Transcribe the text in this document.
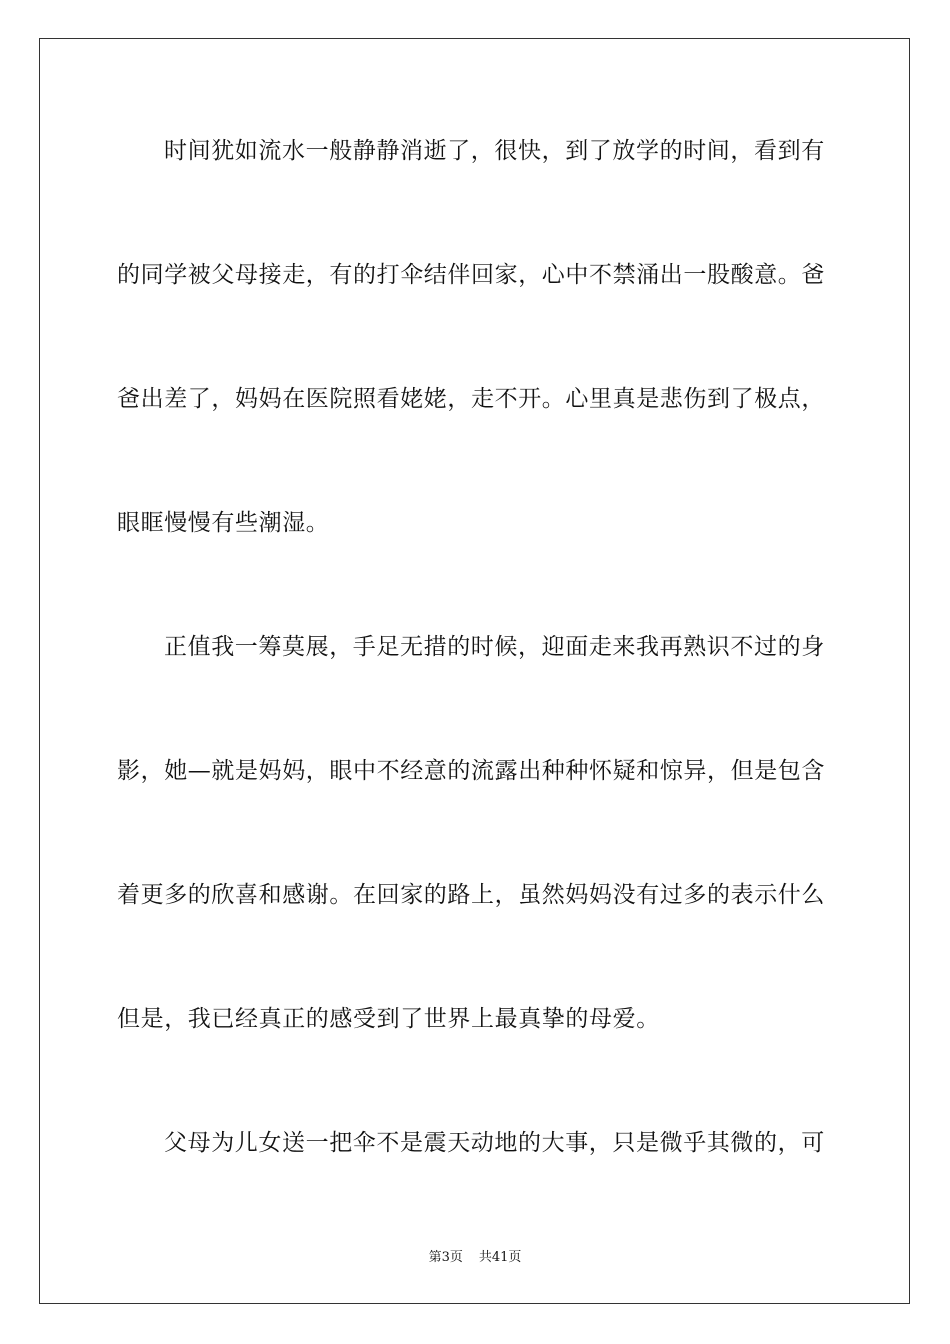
时间犹如流水一般静静消逝了，很快，到了放学的时间，看到有
的同学被父母接走，有的打伞结伴回家，心中不禁涌出一股酸意。爸
爸出差了，妈妈在医院照看姥姥，走不开。心里真是悲伤到了极点，
眼眶慢慢有些潮湿。
正值我一筹莫展，手足无措的时候，迎面走来我再熟识不过的身
影，她—就是妈妈，眼中不经意的流露出种种怀疑和惊异，但是包含
着更多的欣喜和感谢。在回家的路上，虽然妈妈没有过多的表示什么
但是，我已经真正的感受到了世界上最真挚的母爱。
父母为儿女送一把伞不是震天动地的大事，只是微乎其微的，可
第3页 共41页
